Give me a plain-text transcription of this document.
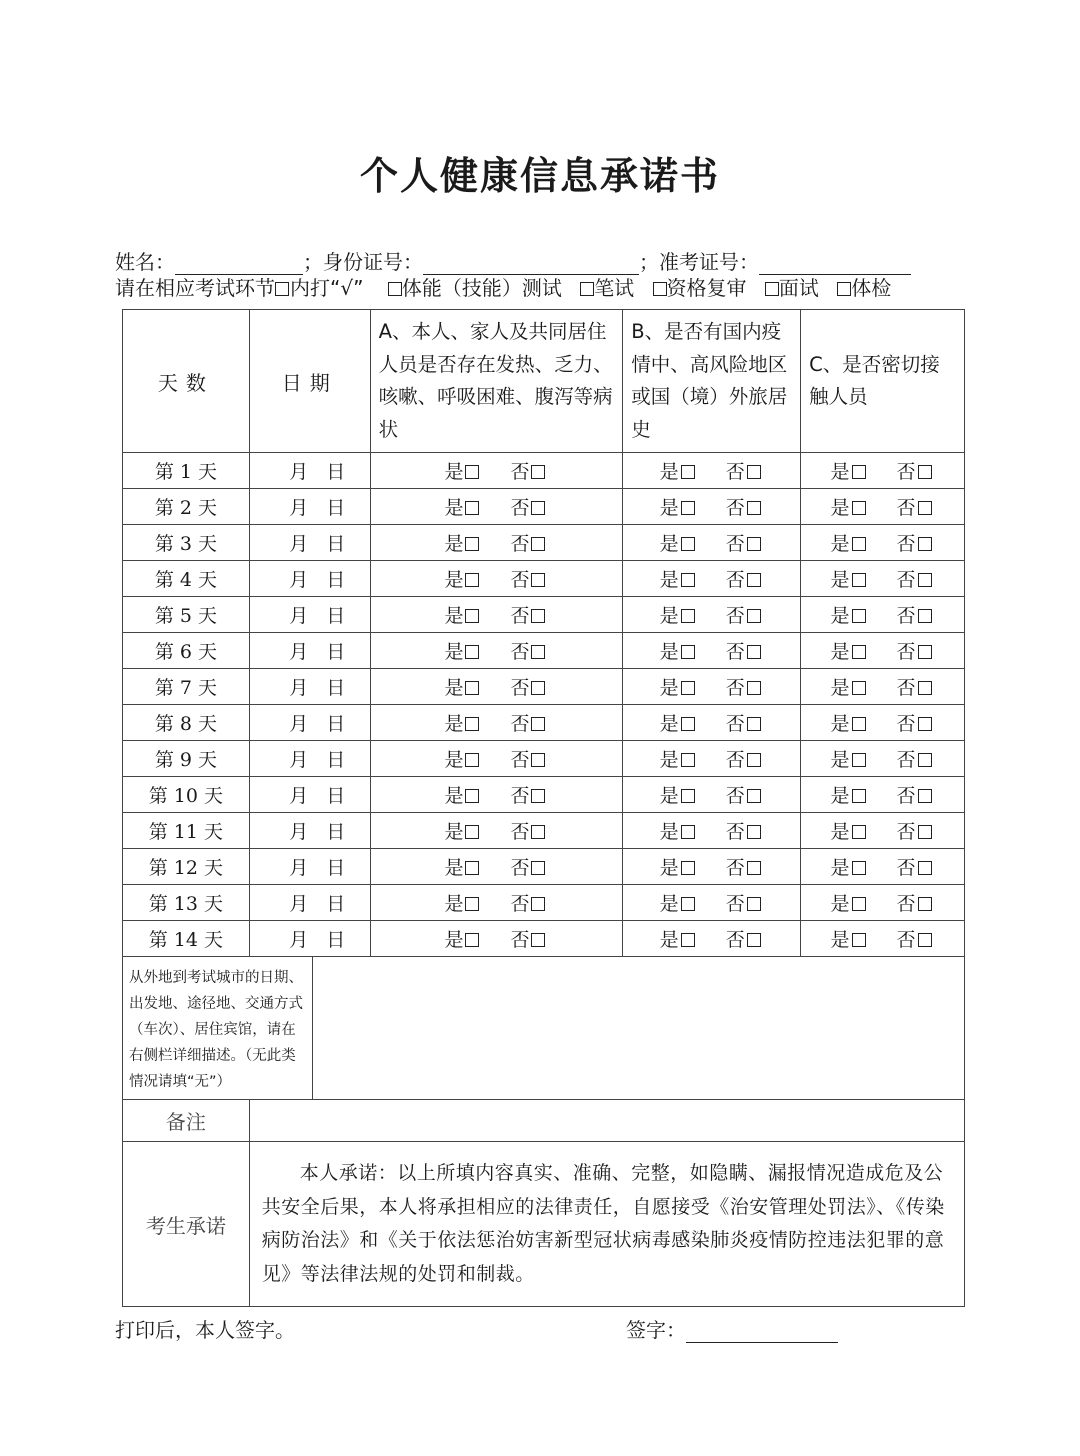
个人健康信息承诺书
姓名：	；身份证号：	；准考证号：
请在相应考试环节 内打“√” 体能（技能）测试 笔试 资格复审 面试 体检
天数	日期		A、本人、家人及共同居住人员是否存在发热、乏力、咳嗽、呼吸困难、腹泻等病状	B、是否有国内疫情中、高风险地区或国（境）外旅居史	C、是否密切接触人员
第 1 天	月	日	是 否	是 否	是 否

第 2 天	月	日	是 否	是 否	是 否

第 3 天	月	日	是 否	是 否	是 否

第 4 天	月	日	是 否	是 否	是 否

第 5 天	月	日	是 否	是 否	是 否

第 6 天	月	日	是 否	是 否	是 否

第 7 天	月	日	是 否	是 否	是 否

第 8 天	月	日	是 否	是 否	是 否

第 9 天	月	日	是 否	是 否	是 否

第 10 天	月	日	是 否	是 否	是 否

第 11 天	月	日	是 否	是 否	是 否

第 12 天	月	日	是 否	是 否	是 否

第 13 天	月	日	是 否	是 否	是 否

第 14 天	月	日	是 否	是 否	是 否

从外地到考试城市的日期、出发地、途径地、交通方式（车次）、居住宾馆，请在右侧栏详细描述。（无此类情况请填“无”）					
备注					
考生承诺	本人承诺：以上所填内容真实、准确、完整，如隐瞒、漏报情况造成危及公共安全后果，本人将承担相应的法律责任，自愿接受《治安管理处罚法》、《传染病防治法》和《关于依法惩治妨害新型冠状病毒感染肺炎疫情防控违法犯罪的意见》等法律法规的处罚和制裁。				
打印后，本人签字。	签字：
